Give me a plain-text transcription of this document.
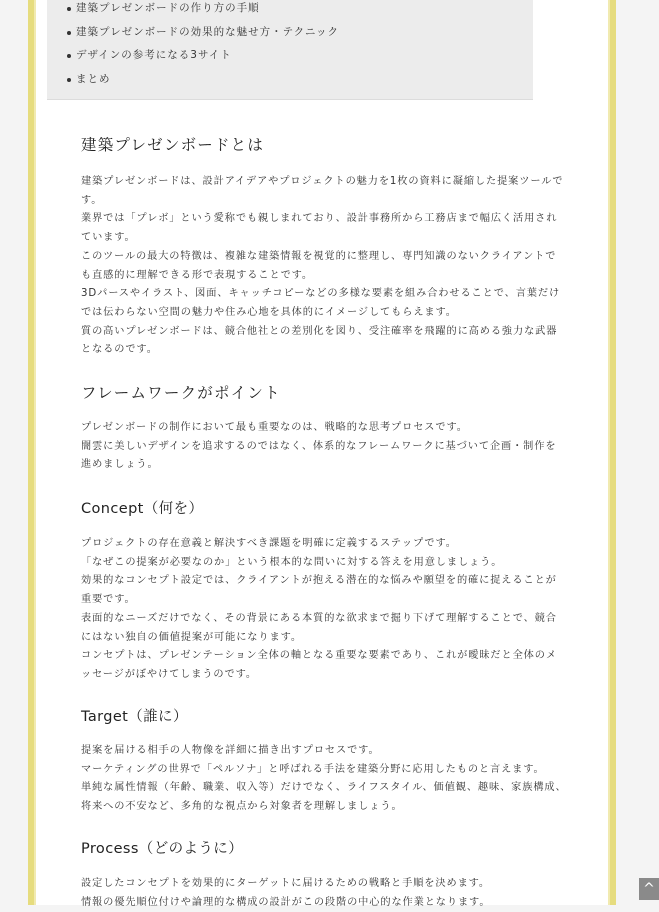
建築プレゼンボードの作り方の手順
建築プレゼンボードの効果的な魅せ方・テクニック
デザインの参考になる3サイト
まとめ
建築プレゼンボードとは
建築プレゼンボードは、設計アイデアやプロジェクトの魅力を1枚の資料に凝縮した提案ツールです。
業界では「プレボ」という愛称でも親しまれており、設計事務所から工務店まで幅広く活用されています。
このツールの最大の特徴は、複雑な建築情報を視覚的に整理し、専門知識のないクライアントでも直感的に理解できる形で表現することです。
3Dパースやイラスト、図面、キャッチコピーなどの多様な要素を組み合わせることで、言葉だけでは伝わらない空間の魅力や住み心地を具体的にイメージしてもらえます。
質の高いプレゼンボードは、競合他社との差別化を図り、受注確率を飛躍的に高める強力な武器となるのです。
フレームワークがポイント
プレゼンボードの制作において最も重要なのは、戦略的な思考プロセスです。
闇雲に美しいデザインを追求するのではなく、体系的なフレームワークに基づいて企画・制作を進めましょう。
Concept（何を）
プロジェクトの存在意義と解決すべき課題を明確に定義するステップです。
「なぜこの提案が必要なのか」という根本的な問いに対する答えを用意しましょう。
効果的なコンセプト設定では、クライアントが抱える潜在的な悩みや願望を的確に捉えることが重要です。
表面的なニーズだけでなく、その背景にある本質的な欲求まで掘り下げて理解することで、競合にはない独自の価値提案が可能になります。
コンセプトは、プレゼンテーション全体の軸となる重要な要素であり、これが曖昧だと全体のメッセージがぼやけてしまうのです。
Target（誰に）
提案を届ける相手の人物像を詳細に描き出すプロセスです。
マーケティングの世界で「ペルソナ」と呼ばれる手法を建築分野に応用したものと言えます。
単純な属性情報（年齢、職業、収入等）だけでなく、ライフスタイル、価値観、趣味、家族構成、将来への不安など、多角的な視点から対象者を理解しましょう。
Process（どのように）
設定したコンセプトを効果的にターゲットに届けるための戦略と手順を決めます。
情報の優先順位付けや論理的な構成の設計がこの段階の中心的な作業となります。
^
